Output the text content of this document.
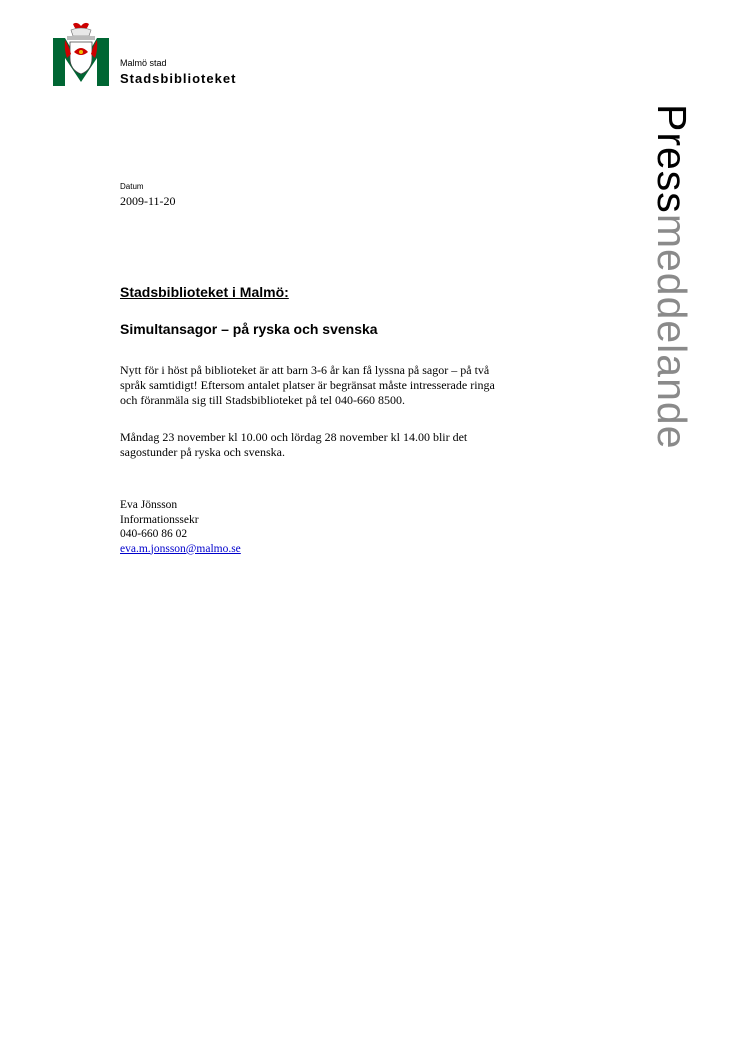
Malmö stad
Stadsbiblioteket
Pressmeddelande
Datum
2009-11-20
Stadsbiblioteket i Malmö:
Simultansagor – på ryska och svenska
Nytt för i höst på biblioteket är att barn 3-6 år kan få lyssna på sagor – på två
språk samtidigt! Eftersom antalet platser är begränsat måste intresserade ringa
och föranmäla sig till Stadsbiblioteket på tel 040-660 8500.
Måndag 23 november kl 10.00 och lördag 28 november kl 14.00 blir det
sagostunder på ryska och svenska.
Eva Jönsson
Informationssekr
040-660 86 02
eva.m.jonsson@malmo.se
